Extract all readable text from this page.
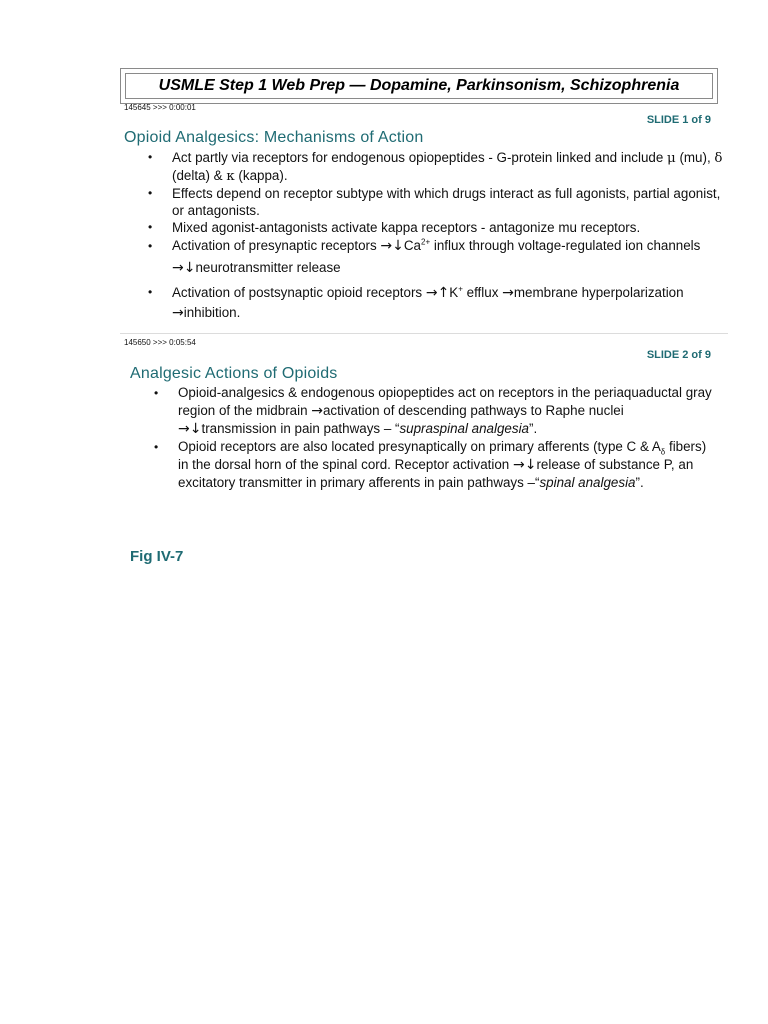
USMLE Step 1 Web Prep — Dopamine, Parkinsonism, Schizophrenia
145645 >>> 0:00:01
SLIDE 1 of 9
Opioid Analgesics: Mechanisms of Action
• Act partly via receptors for endogenous opiopeptides - G-protein linked and include μ (mu), δ (delta) & κ (kappa).
• Effects depend on receptor subtype with which drugs interact as full agonists, partial agonist, or antagonists.
• Mixed agonist-antagonists activate kappa receptors - antagonize mu receptors.
• Activation of presynaptic receptors $\to↓Ca^{2+}$ influx through voltage-regulated ion channels →↓neurotransmitter release
• Activation of postsynaptic opioid receptors →↑K+ efflux →membrane hyperpolarization →inhibition.
145650 >>> 0:05:54
SLIDE 2 of 9
Analgesic Actions of Opioids
• Opioid-analgesics & endogenous opiopeptides act on receptors in the periaquaductal gray region of the midbrain →activation of descending pathways to Raphe nuclei →↓transmission in pain pathways – “supraspinal analgesia”.
• Opioid receptors are also located presynaptically on primary afferents (type C & $A_\delta$ fibers) in the dorsal horn of the spinal cord. Receptor activation →↓release of substance P, an excitatory transmitter in primary afferents in pain pathways –“spinal analgesia”.
Fig IV-7
